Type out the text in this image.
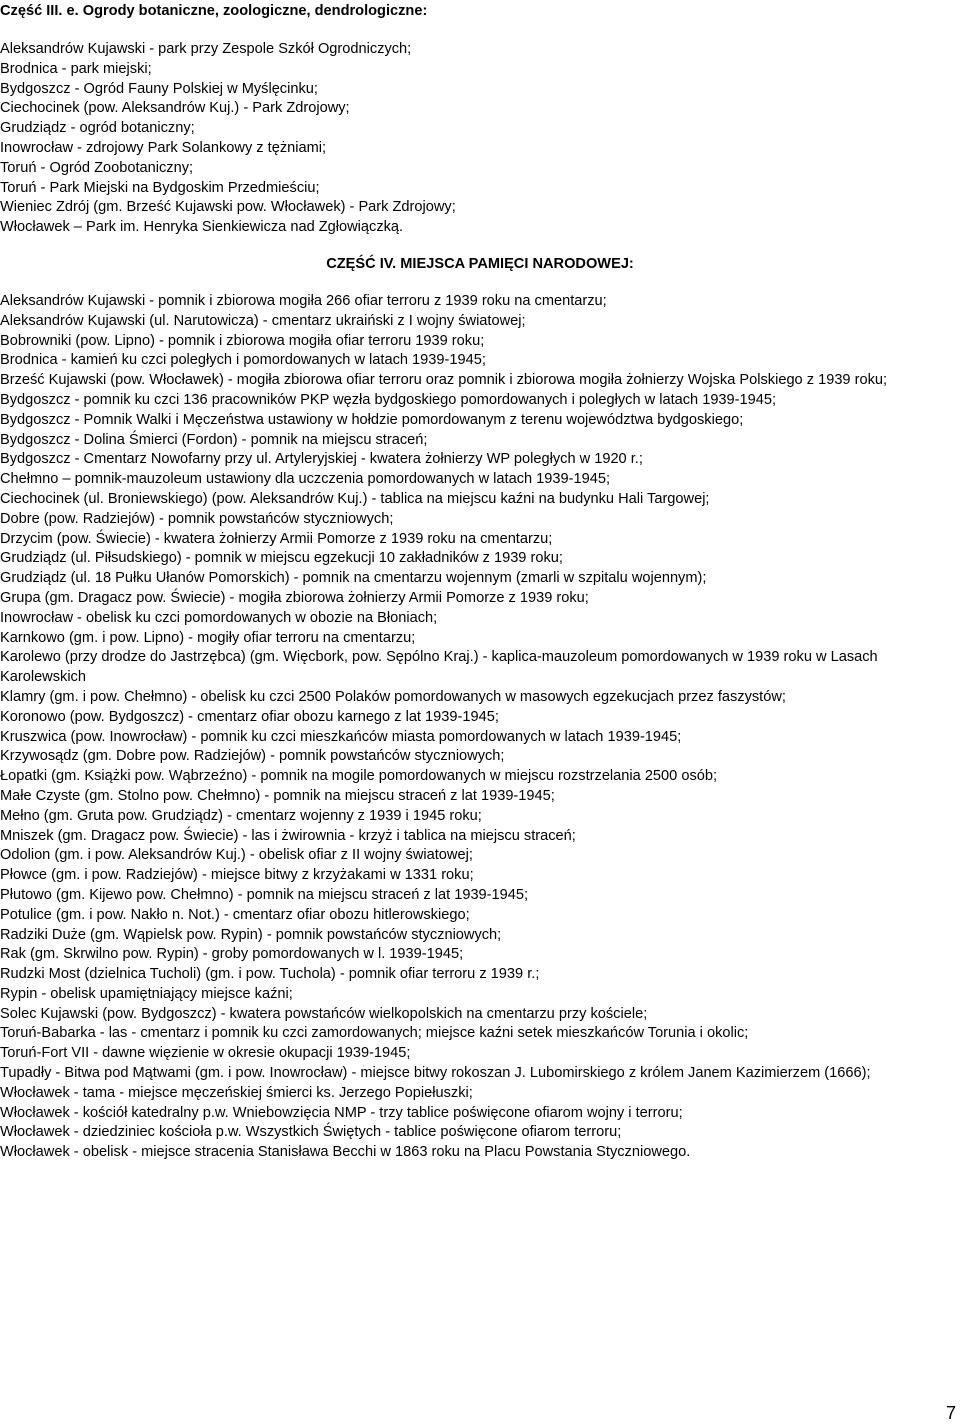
Część III. e. Ogrody botaniczne, zoologiczne, dendrologiczne:
Aleksandrów Kujawski - park przy Zespole Szkół Ogrodniczych;
Brodnica - park miejski;
Bydgoszcz - Ogród Fauny Polskiej w Myślęcinku;
Ciechocinek (pow. Aleksandrów Kuj.) - Park Zdrojowy;
Grudziądz - ogród botaniczny;
Inowrocław - zdrojowy Park Solankowy z tężniami;
Toruń - Ogród Zoobotaniczny;
Toruń - Park Miejski na Bydgoskim Przedmieściu;
Wieniec Zdrój (gm. Brześć Kujawski pow. Włocławek) - Park Zdrojowy;
Włocławek – Park im. Henryka Sienkiewicza nad Zgłowiączką.
CZĘŚĆ IV. MIEJSCA PAMIĘCI NARODOWEJ:
Aleksandrów Kujawski - pomnik i zbiorowa mogiła 266 ofiar terroru z 1939 roku na cmentarzu;
Aleksandrów Kujawski (ul. Narutowicza) - cmentarz ukraiński z I wojny światowej;
Bobrowniki (pow. Lipno) - pomnik i zbiorowa mogiła ofiar terroru 1939 roku;
Brodnica - kamień ku czci poległych i pomordowanych w latach 1939-1945;
Brześć Kujawski (pow. Włocławek) - mogiła zbiorowa ofiar terroru oraz pomnik i zbiorowa mogiła żołnierzy Wojska Polskiego z 1939 roku;
Bydgoszcz - pomnik ku czci 136 pracowników PKP węzła bydgoskiego pomordowanych i poległych w latach 1939-1945;
Bydgoszcz - Pomnik Walki i Męczeństwa ustawiony w hołdzie pomordowanym z terenu województwa bydgoskiego;
Bydgoszcz - Dolina Śmierci (Fordon) - pomnik na miejscu straceń;
Bydgoszcz - Cmentarz Nowofarny przy ul. Artyleryjskiej - kwatera żołnierzy WP poległych w 1920 r.;
Chełmno – pomnik-mauzoleum ustawiony dla uczczenia pomordowanych w latach 1939-1945;
Ciechocinek (ul. Broniewskiego) (pow. Aleksandrów Kuj.) - tablica na miejscu kaźni na budynku Hali Targowej;
Dobre (pow. Radziejów) - pomnik powstańców styczniowych;
Drzycim (pow. Świecie) - kwatera żołnierzy Armii Pomorze z 1939 roku na cmentarzu;
Grudziądz (ul. Piłsudskiego) - pomnik w miejscu egzekucji 10 zakładników z 1939 roku;
Grudziądz (ul. 18 Pułku Ułanów Pomorskich) - pomnik na cmentarzu wojennym (zmarli w szpitalu wojennym);
Grupa (gm. Dragacz pow. Świecie) - mogiła zbiorowa żołnierzy Armii Pomorze z 1939 roku;
Inowrocław - obelisk ku czci pomordowanych w obozie na Błoniach;
Karnkowo (gm. i pow. Lipno) - mogiły ofiar terroru na cmentarzu;
Karolewo (przy drodze do Jastrzębca) (gm. Więcbork, pow. Sępólno Kraj.) - kaplica-mauzoleum pomordowanych w 1939 roku w Lasach Karolewskich
Klamry (gm. i pow. Chełmno) - obelisk ku czci 2500 Polaków pomordowanych w masowych egzekucjach przez faszystów;
Koronowo (pow. Bydgoszcz) - cmentarz ofiar obozu karnego z lat 1939-1945;
Kruszwica (pow. Inowrocław) - pomnik ku czci mieszkańców miasta pomordowanych w latach 1939-1945;
Krzywosądz (gm. Dobre pow. Radziejów) - pomnik powstańców styczniowych;
Łopatki (gm. Książki pow. Wąbrzeźno) - pomnik na mogile pomordowanych w miejscu rozstrzelania 2500 osób;
Małe Czyste (gm. Stolno pow. Chełmno) - pomnik na miejscu straceń z lat 1939-1945;
Mełno (gm. Gruta pow. Grudziądz) - cmentarz wojenny z 1939 i 1945 roku;
Mniszek (gm. Dragacz pow. Świecie) - las i żwirownia - krzyż i tablica na miejscu straceń;
Odolion (gm. i pow. Aleksandrów Kuj.) - obelisk ofiar z II wojny światowej;
Płowce (gm. i pow. Radziejów) - miejsce bitwy z krzyżakami w 1331 roku;
Płutowo (gm. Kijewo pow. Chełmno) - pomnik na miejscu straceń z lat 1939-1945;
Potulice (gm. i pow. Nakło n. Not.) - cmentarz ofiar obozu hitlerowskiego;
Radziki Duże (gm. Wąpielsk pow. Rypin) - pomnik powstańców styczniowych;
Rak (gm. Skrwilno pow. Rypin) - groby pomordowanych w l. 1939-1945;
Rudzki Most (dzielnica Tucholi) (gm. i pow. Tuchola) - pomnik ofiar terroru z 1939 r.;
Rypin - obelisk upamiętniający miejsce kaźni;
Solec Kujawski (pow. Bydgoszcz) - kwatera powstańców wielkopolskich na cmentarzu przy kościele;
Toruń-Babarka - las - cmentarz i pomnik ku czci zamordowanych; miejsce kaźni setek mieszkańców Torunia i okolic;
Toruń-Fort VII - dawne więzienie w okresie okupacji 1939-1945;
Tupadły - Bitwa pod Mątwami (gm. i pow. Inowrocław) - miejsce bitwy rokoszan J. Lubomirskiego z królem Janem Kazimierzem (1666);
Włocławek - tama - miejsce męczeńskiej śmierci ks. Jerzego Popiełuszki;
Włocławek - kościół katedralny p.w. Wniebowzięcia NMP - trzy tablice poświęcone ofiarom wojny i terroru;
Włocławek - dziedziniec kościoła p.w. Wszystkich Świętych - tablice poświęcone ofiarom terroru;
Włocławek - obelisk - miejsce stracenia Stanisława Becchi w 1863 roku na Placu Powstania Styczniowego.
7
